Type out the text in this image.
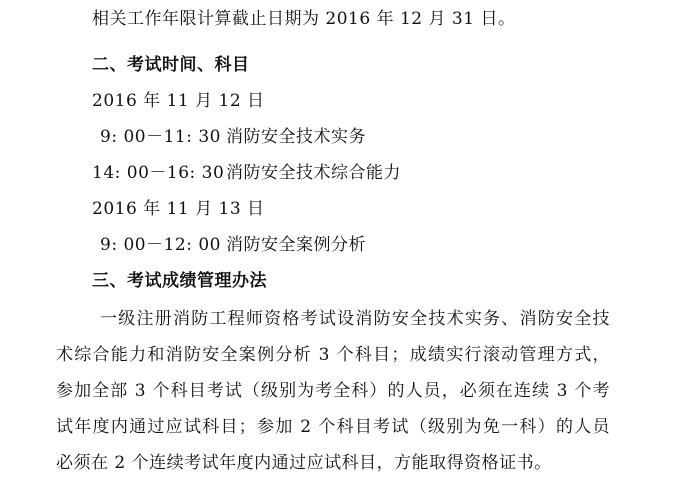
相关工作年限计算截止日期为 2016 年 12 月 31 日。
二、考试时间、科目
2016 年 11 月 12 日
9: 00－11: 30 消防安全技术实务
14: 00－16: 30 消防安全技术综合能力
2016 年 11 月 13 日
9: 00－12: 00 消防安全案例分析
三、考试成绩管理办法
一级注册消防工程师资格考试设消防安全技术实务、消防安全技
术综合能力和消防安全案例分析 3 个科目；成绩实行滚动管理方式，
参加全部 3 个科目考试（级别为考全科）的人员，必须在连续 3 个考
试年度内通过应试科目；参加 2 个科目考试（级别为免一科）的人员
必须在 2 个连续考试年度内通过应试科目，方能取得资格证书。
